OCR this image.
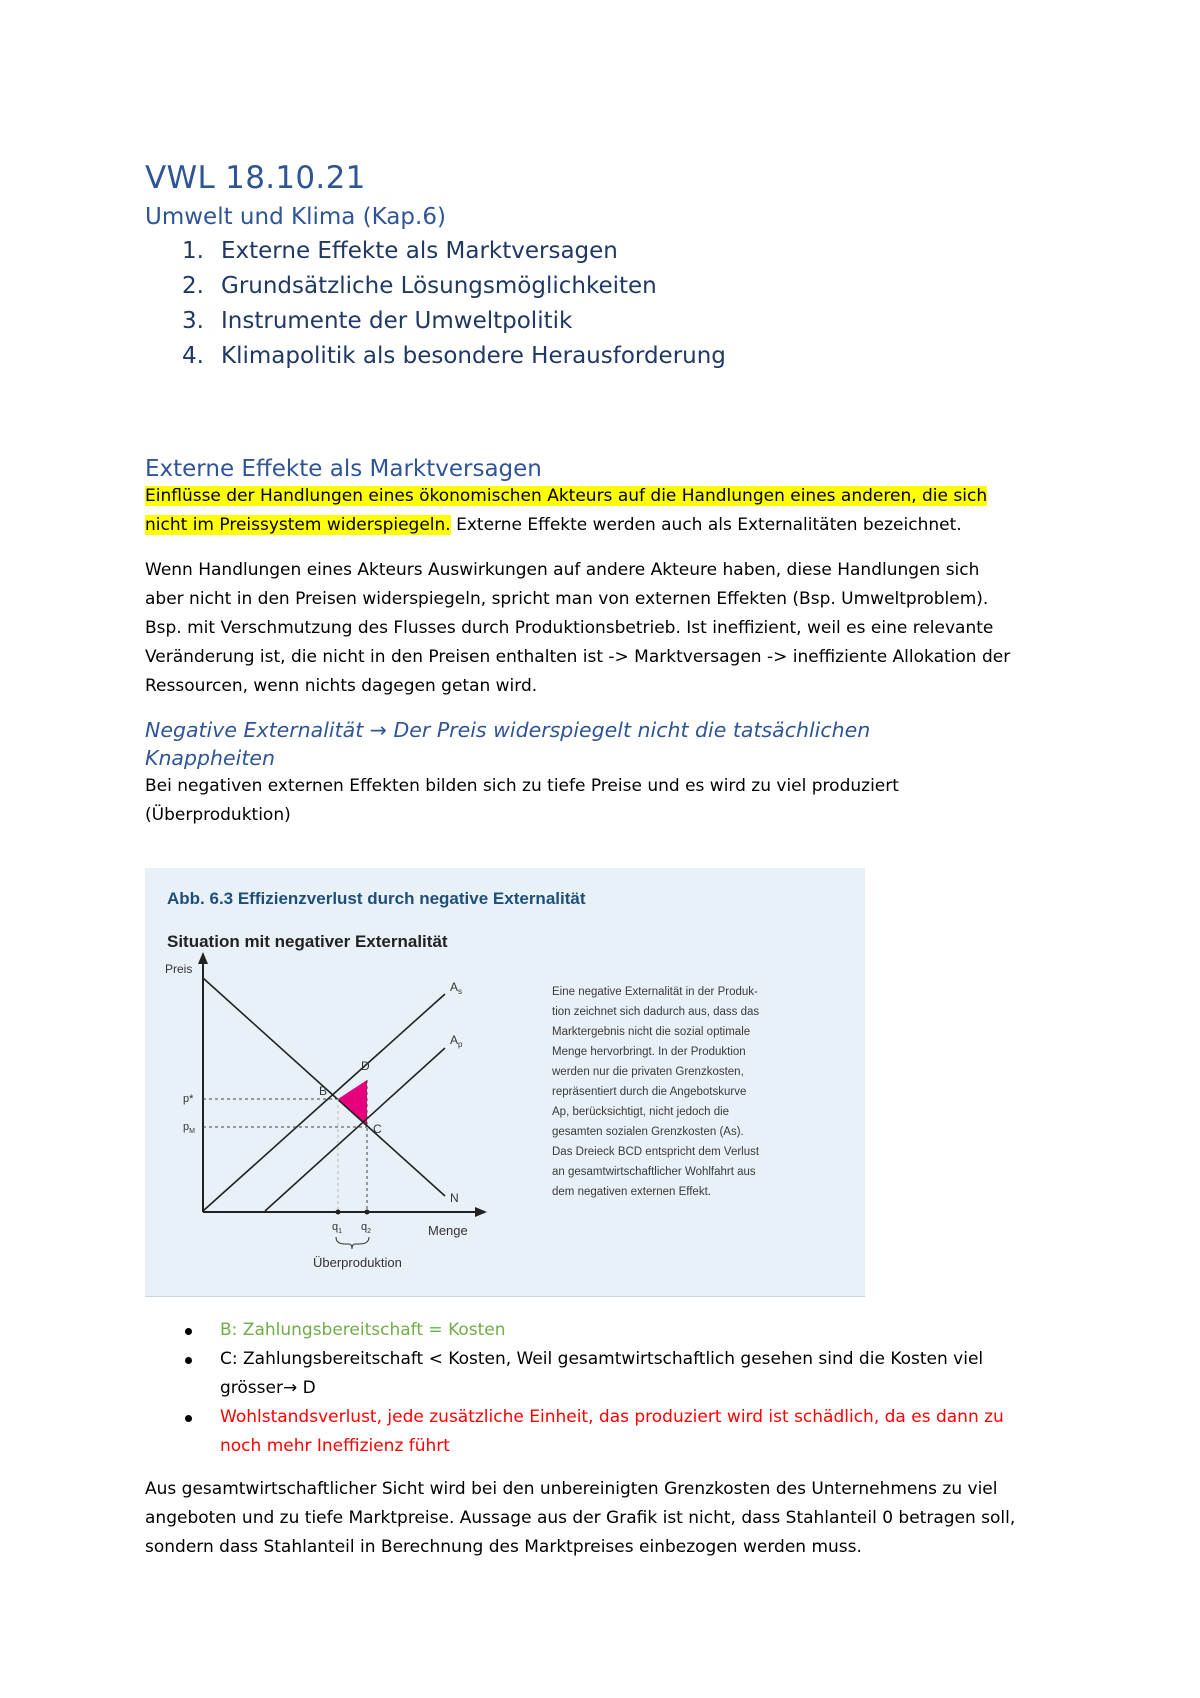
VWL 18.10.21
Umwelt und Klima (Kap.6)
1. Externe Effekte als Marktversagen
2. Grundsätzliche Lösungsmöglichkeiten
3. Instrumente der Umweltpolitik
4. Klimapolitik als besondere Herausforderung
Externe Effekte als Marktversagen

Einflüsse der Handlungen eines ökonomischen Akteurs auf die Handlungen eines anderen, die sich
nicht im Preissystem widerspiegeln. Externe Effekte werden auch als Externalitäten bezeichnet.

Wenn Handlungen eines Akteurs Auswirkungen auf andere Akteure haben, diese Handlungen sich
aber nicht in den Preisen widerspiegeln, spricht man von externen Effekten (Bsp. Umweltproblem).
Bsp. mit Verschmutzung des Flusses durch Produktionsbetrieb. Ist ineffizient, weil es eine relevante
Veränderung ist, die nicht in den Preisen enthalten ist -> Marktversagen -> ineffiziente Allokation der
Ressourcen, wenn nichts dagegen getan wird.

Negative Externalität → Der Preis widerspiegelt nicht die tatsächlichen
Knappheiten

Bei negativen externen Effekten bilden sich zu tiefe Preise und es wird zu viel produziert
(Überproduktion)

Abb. 6.3 Effizienzverlust durch negative Externalität
Situation mit negativer Externalität
Preis
Menge
$A_s$
$A_p$
N
B
C
D
p*
$p_M$
$q_1$ $q_2$
Überproduktion
Eine negative Externalität in der Produk-
tion zeichnet sich dadurch aus, dass das
Marktergebnis nicht die sozial optimale
Menge hervorbringt. In der Produktion
werden nur die privaten Grenzkosten,
repräsentiert durch die Angebotskurve
Ap, berücksichtigt, nicht jedoch die
gesamten sozialen Grenzkosten (As).
Das Dreieck BCD entspricht dem Verlust
an gesamtwirtschaftlicher Wohlfahrt aus
dem negativen externen Effekt.
B: Zahlungsbereitschaft = Kosten
C: Zahlungsbereitschaft < Kosten, Weil gesamtwirtschaftlich gesehen sind die Kosten viel
grösser→ D
Wohlstandsverlust, jede zusätzliche Einheit, das produziert wird ist schädlich, da es dann zu
noch mehr Ineffizienz führt

Aus gesamtwirtschaftlicher Sicht wird bei den unbereinigten Grenzkosten des Unternehmens zu viel
angeboten und zu tiefe Marktpreise. Aussage aus der Grafik ist nicht, dass Stahlanteil 0 betragen soll,
sondern dass Stahlanteil in Berechnung des Marktpreises einbezogen werden muss.
